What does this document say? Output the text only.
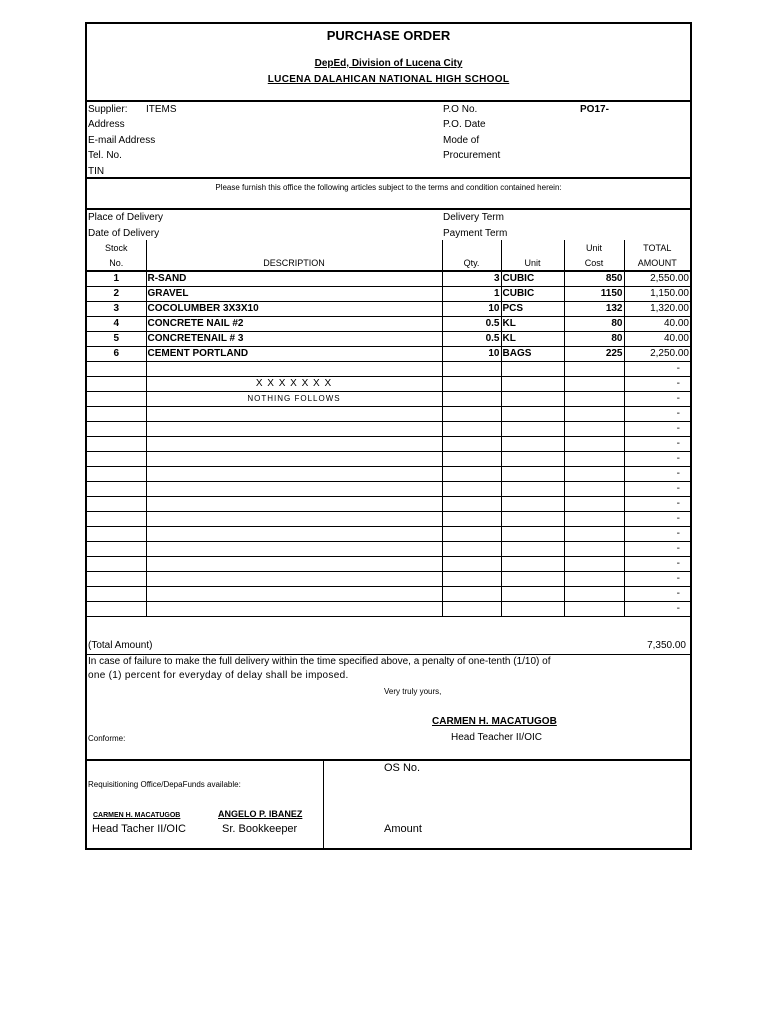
PURCHASE ORDER
DepEd, Division of Lucena City
LUCENA DALAHICAN NATIONAL HIGH SCHOOL
Supplier: ITEMS
Address
E-mail Address
Tel. No.
TIN
P.O No.	PO17-
P.O. Date
Mode of
Procurement
Please furnish this office the following articles subject to the terms and condition contained herein:
Place of Delivery
Date of Delivery
Delivery Term
Payment Term
Stock				Unit	TOTAL
No.	DESCRIPTION	Qty.	Unit	Cost	AMOUNT
1	R-SAND	3	CUBIC	850	2,550.00
2	GRAVEL	1	CUBIC	1150	1,150.00
3	COCOLUMBER 3X3X10	10	PCS	132	1,320.00
4	CONCRETE NAIL #2	0.5	KL	80	40.00
5	CONCRETENAIL # 3	0.5	KL	80	40.00
6	CEMENT PORTLAND	10	BAGS	225	2,250.00
					-
	X X X X X X X				-
	NOTHING FOLLOWS				-
					-
					-
					-
					-
					-
					-
					-
					-
					-
					-
					-
					-
					-
					-
(Total Amount)	7,350.00
In case of failure to make the full delivery within the time specified above, a penalty of one-tenth (1/10) of
one (1) percent for everyday of delay shall be imposed.
Very truly yours,
CARMEN H. MACATUGOB
Head Teacher II/OIC
Conforme:
Requisitioning Office/DepaFunds available:
CARMEN H. MACATUGOB
Head Tacher II/OIC
ANGELO P. IBANEZ
Sr. Bookkeeper
OS No.
Amount
